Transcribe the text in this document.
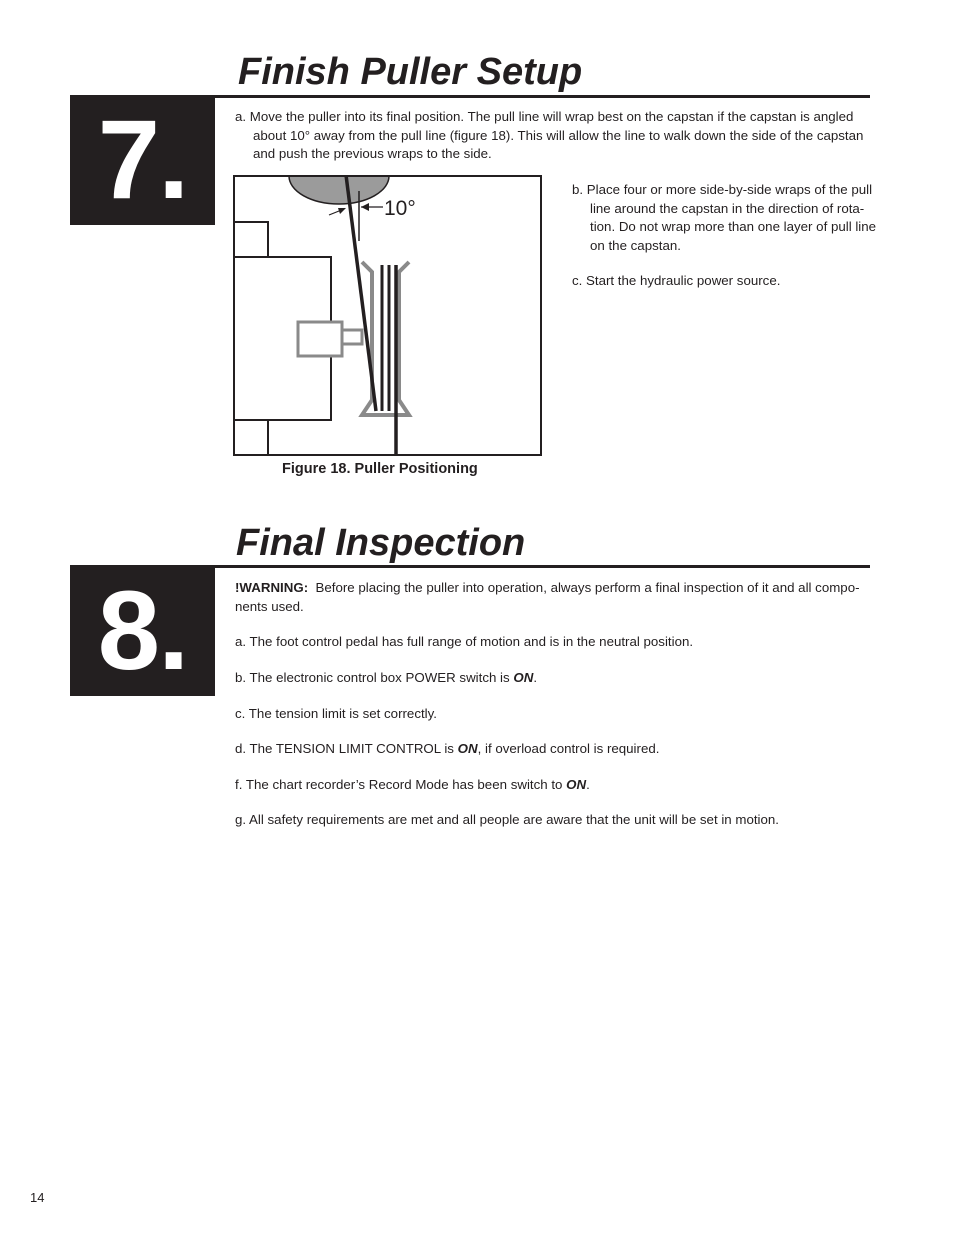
Finish Puller Setup
7.	a. Move the puller into its final position. The pull line will wrap best on the capstan if the capstan is angled about 10° away from the pull line (figure 18). This will allow the line to walk down the side of the capstan and push the previous wraps to the side.

10°
Figure 18. Puller Positioning

b. Place four or more side-by-side wraps of the pull line around the capstan in the direction of rota-tion. Do not wrap more than one layer of pull line on the capstan.

c. Start the hydraulic power source.

Final Inspection
8.	!WARNING: Before placing the puller into operation, always perform a final inspection of it and all compo-nents used.

a. The foot control pedal has full range of motion and is in the neutral position.

b. The electronic control box POWER switch is ON.

c. The tension limit is set correctly.

d. The TENSION LIMIT CONTROL is ON, if overload control is required.

f. The chart recorder’s Record Mode has been switch to ON.

g. All safety requirements are met and all people are aware that the unit will be set in motion.

14
